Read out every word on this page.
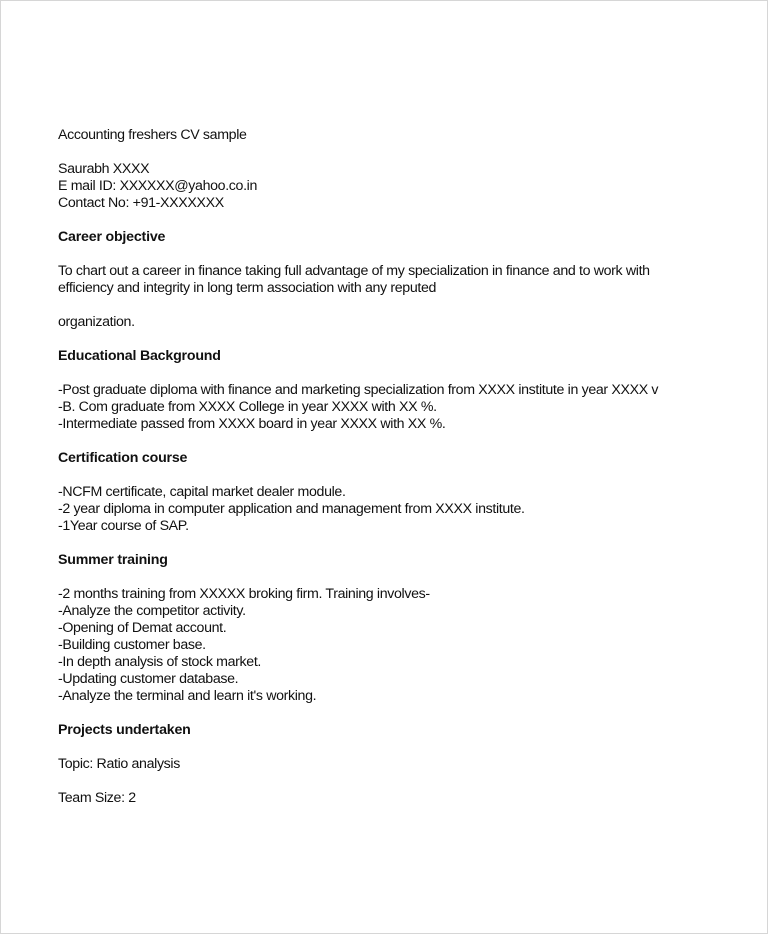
Accounting freshers CV sample
Saurabh XXXX
E mail ID: XXXXXX@yahoo.co.in
Contact No: +91-XXXXXXX
Career objective
To chart out a career in finance taking full advantage of my specialization in finance and to work with
efficiency and integrity in long term association with any reputed
organization.
Educational Background
-Post graduate diploma with finance and marketing specialization from XXXX institute in year XXXX v
-B. Com graduate from XXXX College in year XXXX with XX %.
-Intermediate passed from XXXX board in year XXXX with XX %.
Certification course
-NCFM certificate, capital market dealer module.
-2 year diploma in computer application and management from XXXX institute.
-1Year course of SAP.
Summer training
-2 months training from XXXXX broking firm. Training involves-
-Analyze the competitor activity.
-Opening of Demat account.
-Building customer base.
-In depth analysis of stock market.
-Updating customer database.
-Analyze the terminal and learn it's working.
Projects undertaken
Topic: Ratio analysis
Team Size: 2
